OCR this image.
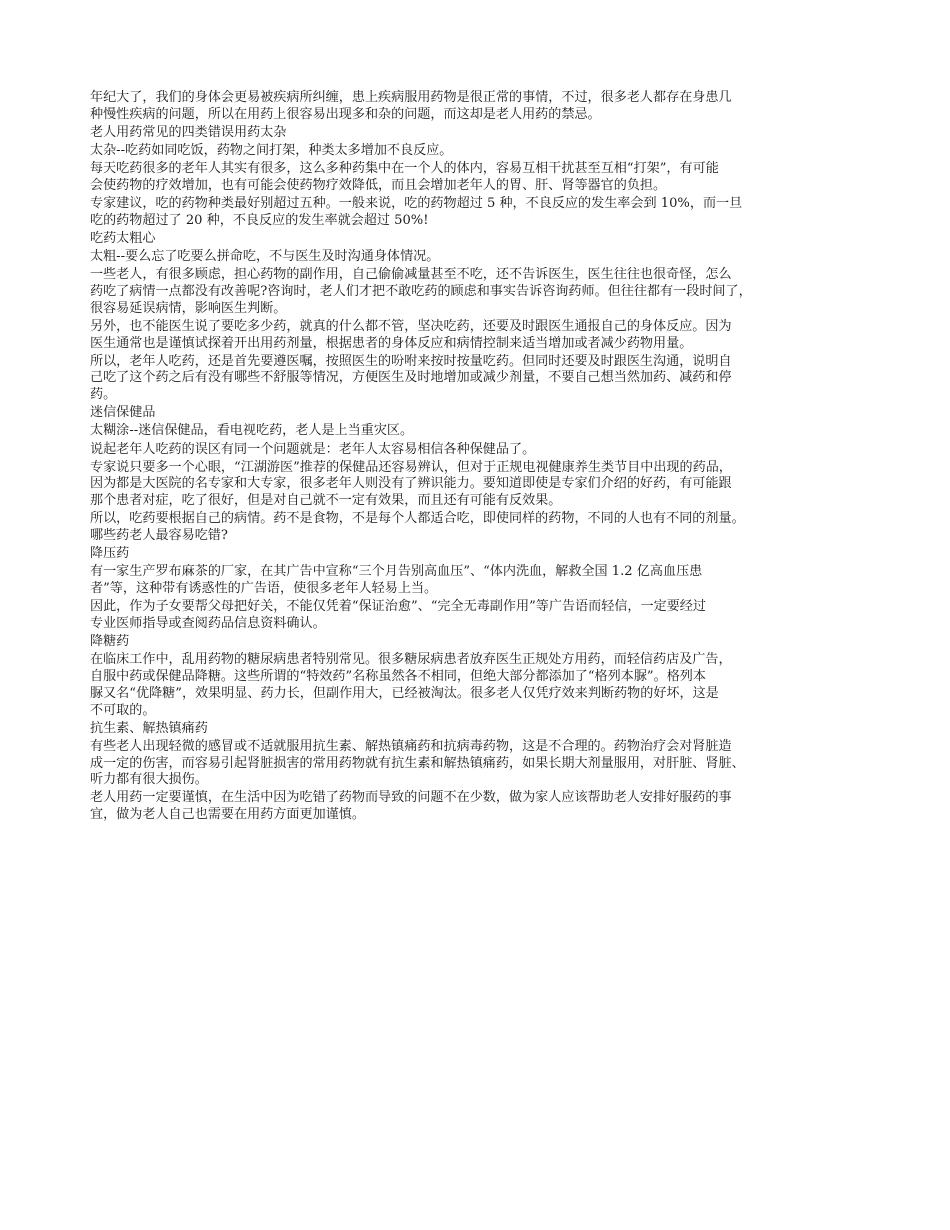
年纪大了，我们的身体会更易被疾病所纠缠，患上疾病服用药物是很正常的事情，不过，很多老人都存在身患几
种慢性疾病的问题，所以在用药上很容易出现多和杂的问题，而这却是老人用药的禁忌。
老人用药常见的四类错误用药太杂
太杂--吃药如同吃饭，药物之间打架，种类太多增加不良反应。
每天吃药很多的老年人其实有很多，这么多种药集中在一个人的体内，容易互相干扰甚至互相“打架”，有可能
会使药物的疗效增加，也有可能会使药物疗效降低，而且会增加老年人的胃、肝、肾等器官的负担。
专家建议，吃的药物种类最好别超过五种。一般来说，吃的药物超过 5 种，不良反应的发生率会到 10%，而一旦
吃的药物超过了 20 种，不良反应的发生率就会超过 50%!
吃药太粗心
太粗--要么忘了吃要么拼命吃，不与医生及时沟通身体情况。
一些老人，有很多顾虑，担心药物的副作用，自己偷偷减量甚至不吃，还不告诉医生，医生往往也很奇怪，怎么
药吃了病情一点都没有改善呢?咨询时，老人们才把不敢吃药的顾虑和事实告诉咨询药师。但往往都有一段时间了，
很容易延误病情，影响医生判断。
另外，也不能医生说了要吃多少药，就真的什么都不管，坚决吃药，还要及时跟医生通报自己的身体反应。因为
医生通常也是谨慎试探着开出用药剂量，根据患者的身体反应和病情控制来适当增加或者减少药物用量。
所以，老年人吃药，还是首先要遵医嘱，按照医生的吩咐来按时按量吃药。但同时还要及时跟医生沟通，说明自
己吃了这个药之后有没有哪些不舒服等情况，方便医生及时地增加或减少剂量，不要自己想当然加药、减药和停
药。
迷信保健品
太糊涂--迷信保健品，看电视吃药，老人是上当重灾区。
说起老年人吃药的误区有同一个问题就是：老年人太容易相信各种保健品了。
专家说只要多一个心眼，“江湖游医”推荐的保健品还容易辨认，但对于正规电视健康养生类节目中出现的药品，
因为都是大医院的名专家和大专家，很多老年人则没有了辨识能力。要知道即使是专家们介绍的好药，有可能跟
那个患者对症，吃了很好，但是对自己就不一定有效果，而且还有可能有反效果。
所以，吃药要根据自己的病情。药不是食物，不是每个人都适合吃，即使同样的药物，不同的人也有不同的剂量。
哪些药老人最容易吃错?
降压药
有一家生产罗布麻茶的厂家，在其广告中宣称“三个月告别高血压”、“体内洗血，解救全国 1.2 亿高血压患
者”等，这种带有诱惑性的广告语，使很多老年人轻易上当。
因此，作为子女要帮父母把好关，不能仅凭着“保证治愈”、“完全无毒副作用”等广告语而轻信，一定要经过
专业医师指导或查阅药品信息资料确认。
降糖药
在临床工作中，乱用药物的糖尿病患者特别常见。很多糖尿病患者放弃医生正规处方用药，而轻信药店及广告，
自服中药或保健品降糖。这些所谓的“特效药”名称虽然各不相同，但绝大部分都添加了“格列本脲”。格列本
脲又名“优降糖”，效果明显、药力长，但副作用大，已经被淘汰。很多老人仅凭疗效来判断药物的好坏，这是
不可取的。
抗生素、解热镇痛药
有些老人出现轻微的感冒或不适就服用抗生素、解热镇痛药和抗病毒药物，这是不合理的。药物治疗会对肾脏造
成一定的伤害，而容易引起肾脏损害的常用药物就有抗生素和解热镇痛药，如果长期大剂量服用，对肝脏、肾脏、
听力都有很大损伤。
老人用药一定要谨慎，在生活中因为吃错了药物而导致的问题不在少数，做为家人应该帮助老人安排好服药的事
宜，做为老人自己也需要在用药方面更加谨慎。
